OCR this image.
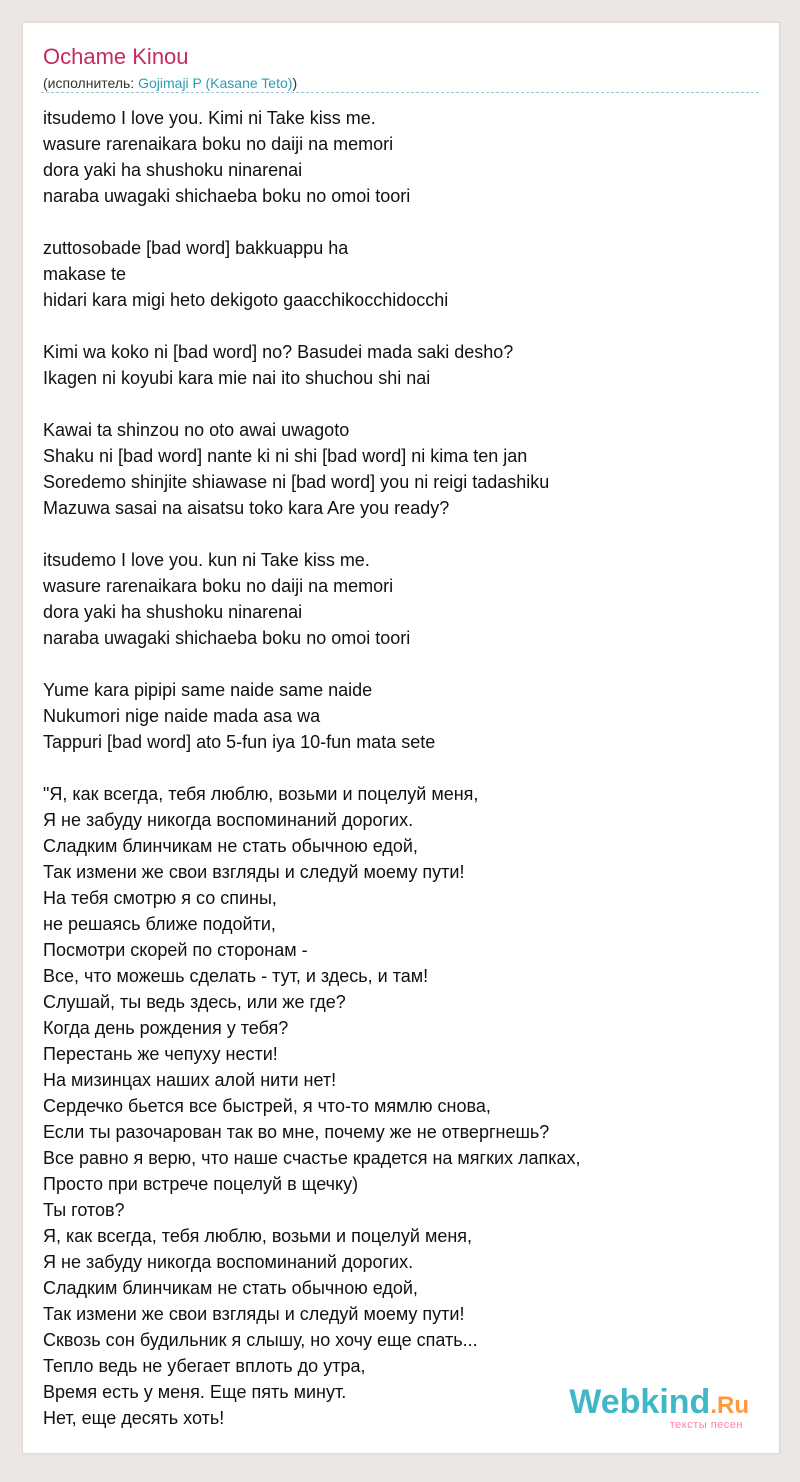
Ochame Kinou
(исполнитель: Gojimaji P (Kasane Teto))
itsudemo I love you. Kimi ni Take kiss me.
wasure rarenaikara boku no daiji na memori
dora yaki ha shushoku ninarenai
naraba uwagaki shichaeba boku no omoi toori
zuttosobade [bad word] bakkuappu ha
makase te
hidari kara migi heto dekigoto gaacchikocchidocchi
Kimi wa koko ni [bad word] no? Basudei mada saki desho?
Ikagen ni koyubi kara mie nai ito shuchou shi nai
Kawai ta shinzou no oto awai uwagoto
Shaku ni [bad word] nante ki ni shi [bad word] ni kima ten jan
Soredemo shinjite shiawase ni [bad word] you ni reigi tadashiku
Mazuwa sasai na aisatsu toko kara Are you ready?
itsudemo I love you. kun ni Take kiss me.
wasure rarenaikara boku no daiji na memori
dora yaki ha shushoku ninarenai
naraba uwagaki shichaeba boku no omoi toori
Yume kara pipipi same naide same naide
Nukumori nige naide mada asa wa
Tappuri [bad word] ato 5-fun iya 10-fun mata sete
"Я, как всегда, тебя люблю, возьми и поцелуй меня,
Я не забуду никогда воспоминаний дорогих.
Сладким блинчикам не стать обычною едой,
Так измени же свои взгляды и следуй моему пути!
На тебя смотрю я со спины,
не решаясь ближе подойти,
Посмотри скорей по сторонам -
Все, что можешь сделать - тут, и здесь, и там!
Слушай, ты ведь здесь, или же где?
Когда день рождения у тебя?
Перестань же чепуху нести!
На мизинцах наших алой нити нет!
Сердечко бьется все быстрей, я что-то мямлю снова,
Если ты разочарован так во мне, почему же не отвергнешь?
Все равно я верю, что наше счастье крадется на мягких лапках,
Просто при встрече поцелуй в щечку)
Ты готов?
Я, как всегда, тебя люблю, возьми и поцелуй меня,
Я не забуду никогда воспоминаний дорогих.
Сладким блинчикам не стать обычною едой,
Так измени же свои взгляды и следуй моему пути!
Сквозь сон будильник я слышу, но хочу еще спать...
Тепло ведь не убегает вплоть до утра,
Время есть у меня. Еще пять минут.
Нет, еще десять хоть!	Webkind.Ru
тексты песен
